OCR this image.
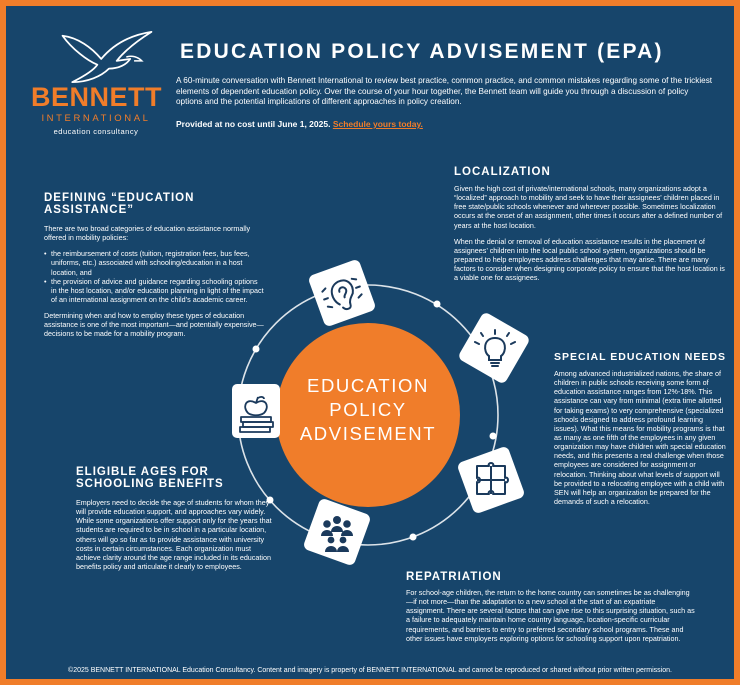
BENNETT
INTERNATIONAL
education consultancy
EDUCATION POLICY ADVISEMENT (EPA)
A 60-minute conversation with Bennett International to review best practice, common practice, and common mistakes regarding some of the trickiest elements of dependent education policy. Over the course of your hour together, the Bennett team will guide you through a discussion of policy options and the potential implications of different approaches in policy creation.
Provided at no cost until June 1, 2025. Schedule yours today.
EDUCATION
POLICY
ADVISEMENT
DEFINING “EDUCATION ASSISTANCE”

There are two broad categories of education assistance normally offered in mobility policies:

• the reimbursement of costs (tuition, registration fees, bus fees, uniforms, etc.) associated with schooling/education in a host location, and
• the provision of advice and guidance regarding schooling options in the host location, and/or education planning in light of the impact of an international assignment on the child’s academic career.

Determining when and how to employ these types of education assistance is one of the most important—and potentially expensive—decisions to be made for a mobility program.

LOCALIZATION

Given the high cost of private/international schools, many organizations adopt a “localized” approach to mobility and seek to have their assignees’ children placed in free state/public schools whenever and wherever possible. Sometimes localization occurs at the onset of an assignment, other times it occurs after a defined number of years at the host location.

When the denial or removal of education assistance results in the placement of assignees’ children into the local public school system, organizations should be prepared to help employees address challenges that may arise. There are many factors to consider when designing corporate policy to ensure that the host location is a viable one for assignees.

SPECIAL EDUCATION NEEDS

Among advanced industrialized nations, the share of children in public schools receiving some form of education assistance ranges from 12%-18%. This assistance can vary from minimal (extra time allotted for taking exams) to very comprehensive (specialized schools designed to address profound learning issues). What this means for mobility programs is that as many as one fifth of the employees in any given organization may have children with special education needs, and this presents a real challenge when those employees are considered for assignment or relocation. Thinking about what levels of support will be provided to a relocating employee with a child with SEN will help an organization be prepared for the demands of such a relocation.

ELIGIBLE AGES FOR
SCHOOLING BENEFITS

Employers need to decide the age of students for whom they will provide education support, and approaches vary widely. While some organizations offer support only for the years that students are required to be in school in a particular location, others will go so far as to provide assistance with university costs in certain circumstances. Each organization must achieve clarity around the age range included in its education benefits policy and articulate it clearly to employees.

REPATRIATION

For school-age children, the return to the home country can sometimes be as challenging—if not more—than the adaptation to a new school at the start of an expatriate assignment. There are several factors that can give rise to this surprising situation, such as a failure to adequately maintain home country language, location-specific curricular requirements, and barriers to entry to preferred secondary school programs. These and other issues have employers exploring options for schooling support upon repatriation.

©2025 BENNETT INTERNATIONAL Education Consultancy. Content and imagery is property of BENNETT INTERNATIONAL and cannot be reproduced or shared without prior written permission.
